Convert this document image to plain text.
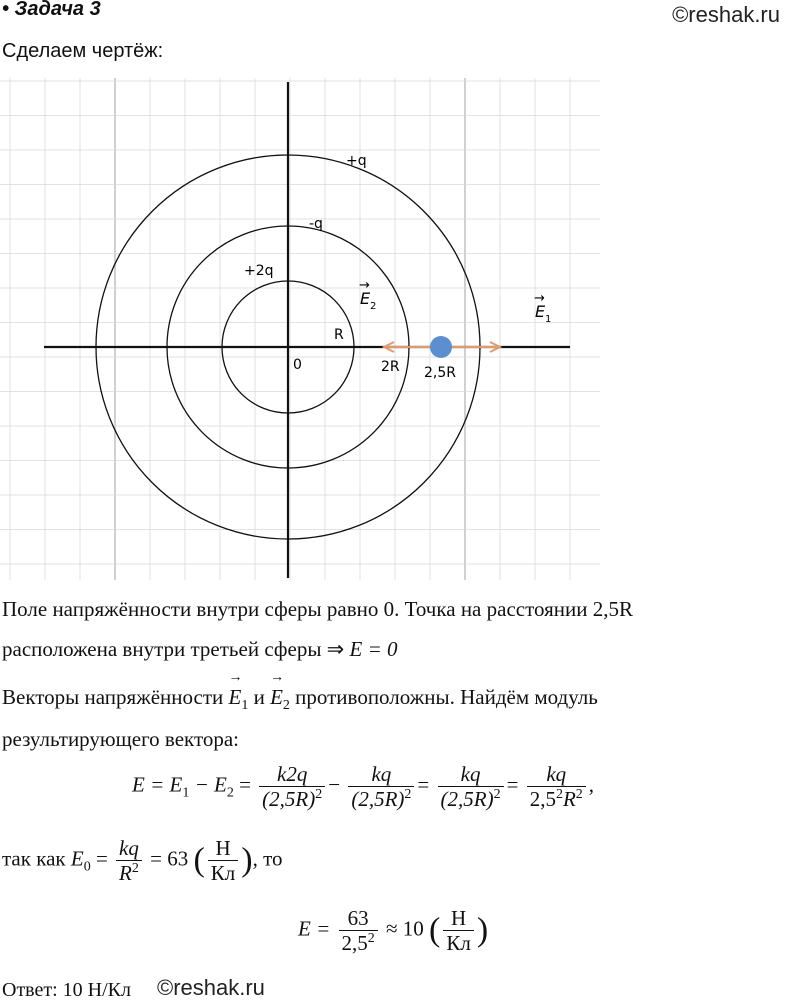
• Задача 3	©reshak.ru
Сделаем чертёж:
+q
-q
+2q
R
0	2R 2,5R
E 2
→
E 1
→
Поле напряжённости внутри сферы равно 0. Точка на расстоянии 2,5R
расположена внутри третьей сферы ⇒ E = 0
Векторы напряжённости → $E_1$ $и \to E_2$ противоположны. Найдём модуль
результирующего вектора:
$E = E_1 - E_2 = \frac{k2q}{(2,5R)^2} - \frac{kq}{(2,5R)^2} = \frac{kq}{(2,5R)^2} = \frac{kq}{2,5^2R^2}$ ,
так как $E_0 = \frac{kq}{R^2} = 63$ ( $\frac{Н}{Кл}$ ), то
$E = \frac{63}{2,5^2} \approx 10$ ( $\frac{Н}{Кл}$ )
Ответ: 10 Н/Кл ©reshak.ru
